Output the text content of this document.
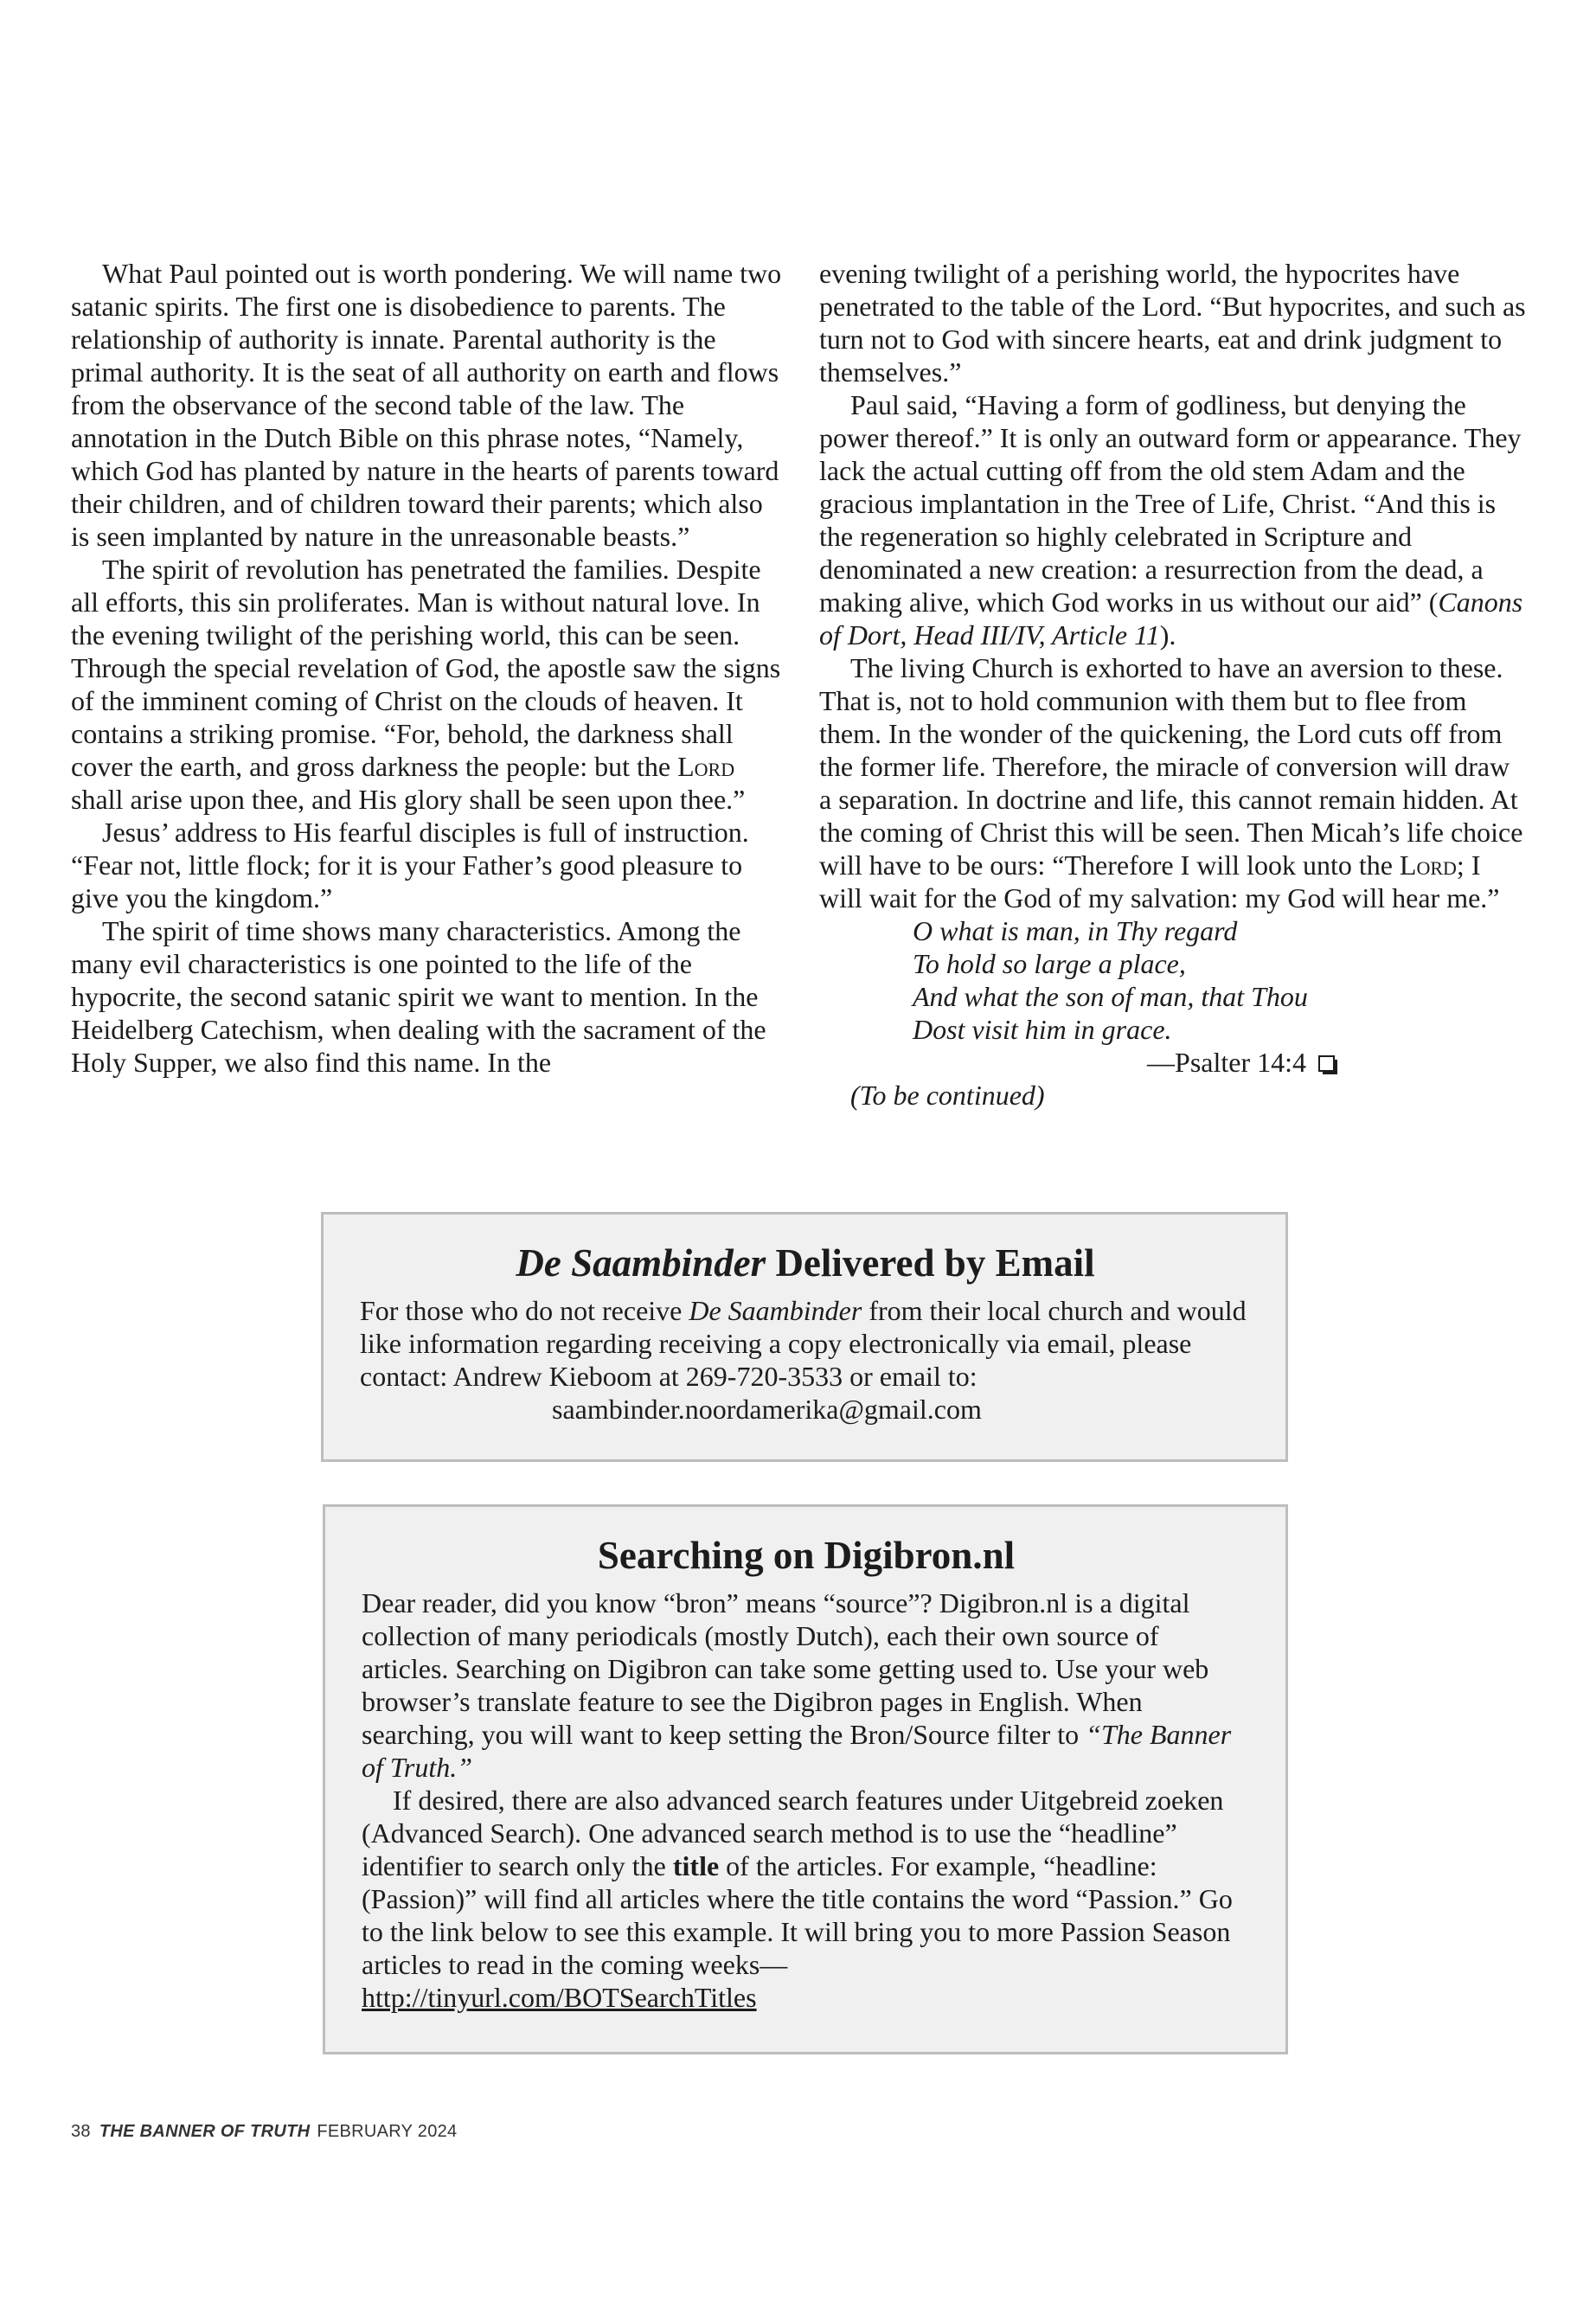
What Paul pointed out is worth pondering. We will name two satanic spirits. The first one is disobedience to parents. The relationship of authority is innate. Parental authority is the primal authority. It is the seat of all authority on earth and flows from the observance of the second table of the law. The annotation in the Dutch Bible on this phrase notes, “Namely, which God has planted by nature in the hearts of parents toward their children, and of children toward their parents; which also is seen implanted by nature in the unreasonable beasts.”

The spirit of revolution has penetrated the families. Despite all efforts, this sin proliferates. Man is without natural love. In the evening twilight of the perishing world, this can be seen. Through the special revelation of God, the apostle saw the signs of the imminent coming of Christ on the clouds of heaven. It contains a striking promise. “For, behold, the darkness shall cover the earth, and gross darkness the people: but the Lord shall arise upon thee, and His glory shall be seen upon thee.”

Jesus’ address to His fearful disciples is full of instruction. “Fear not, little flock; for it is your Father’s good pleasure to give you the kingdom.”

The spirit of time shows many characteristics. Among the many evil characteristics is one pointed to the life of the hypocrite, the second satanic spirit we want to mention. In the Heidelberg Catechism, when dealing with the sacrament of the Holy Supper, we also find this name. In the

evening twilight of a perishing world, the hypocrites have penetrated to the table of the Lord. “But hypocrites, and such as turn not to God with sincere hearts, eat and drink judgment to themselves.”

Paul said, “Having a form of godliness, but denying the power thereof.” It is only an outward form or appearance. They lack the actual cutting off from the old stem Adam and the gracious implantation in the Tree of Life, Christ. “And this is the regeneration so highly celebrated in Scripture and denominated a new creation: a resurrection from the dead, a making alive, which God works in us without our aid” (Canons of Dort, Head III/IV, Article 11).

The living Church is exhorted to have an aversion to these. That is, not to hold communion with them but to flee from them. In the wonder of the quickening, the Lord cuts off from the former life. Therefore, the miracle of conversion will draw a separation. In doctrine and life, this cannot remain hidden. At the coming of Christ this will be seen. Then Micah’s life choice will have to be ours: “Therefore I will look unto the Lord; I will wait for the God of my salvation: my God will hear me.”

O what is man, in Thy regard
To hold so large a place,
And what the son of man, that Thou
Dost visit him in grace.

—Psalter 14:4

(To be continued)

De Saambinder Delivered by Email

For those who do not receive De Saambinder from their local church and would like information regarding receiving a copy electronically via email, please contact: Andrew Kieboom at 269-720-3533 or email to:

saambinder.noordamerika@gmail.com

Searching on Digibron.nl

Dear reader, did you know “bron” means “source”? Digibron.nl is a digital collection of many periodicals (mostly Dutch), each their own source of articles. Searching on Digibron can take some getting used to. Use your web browser’s translate feature to see the Digibron pages in English. When searching, you will want to keep setting the Bron/Source filter to “The Banner of Truth.”

If desired, there are also advanced search features under Uitgebreid zoeken (Advanced Search). One advanced search method is to use the “headline” identifier to search only the title of the articles. For example, “headline: (Passion)” will find all articles where the title contains the word “Passion.” Go to the link below to see this example. It will bring you to more Passion Season articles to read in the coming weeks—

http://tinyurl.com/BOTSearchTitles

38 THE BANNER OF TRUTH FEBRUARY 2024
